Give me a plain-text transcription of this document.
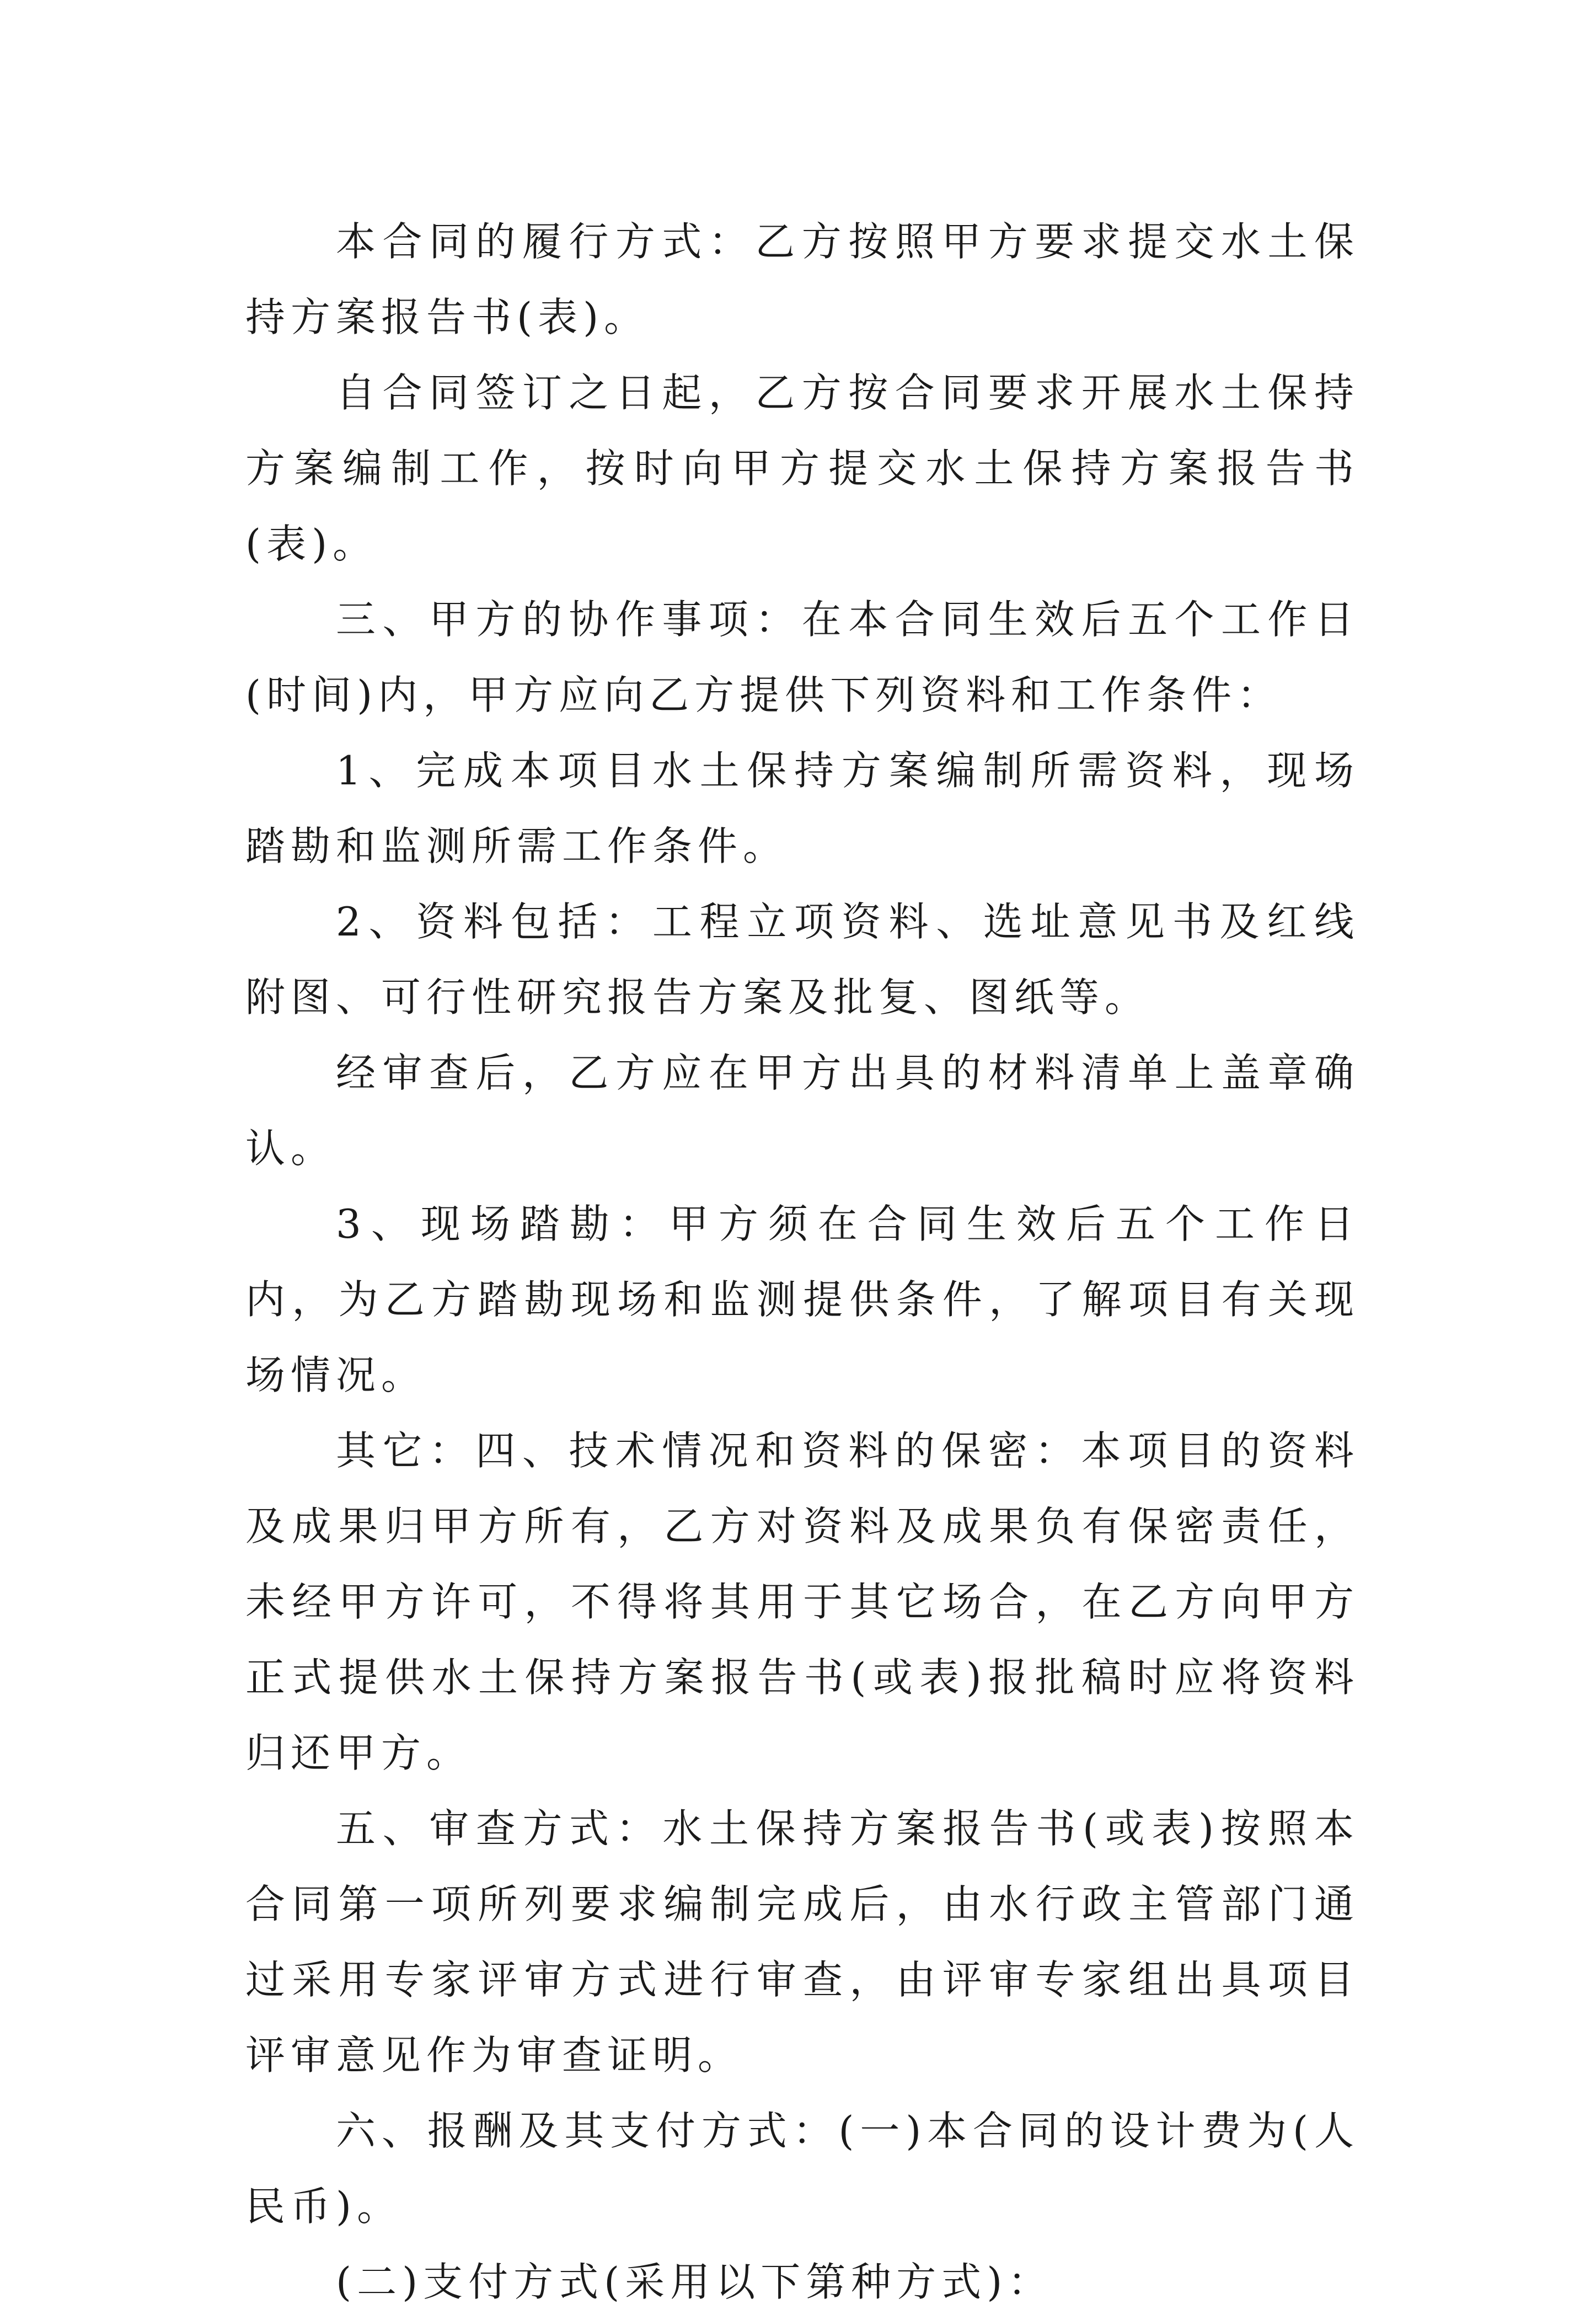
本合同的履行方式：乙方按照甲方要求提交水土保持方案报告书(表)。

自合同签订之日起，乙方按合同要求开展水土保持方案编制工作，按时向甲方提交水土保持方案报告书(表)。

三、甲方的协作事项：在本合同生效后五个工作日(时间)内，甲方应向乙方提供下列资料和工作条件：

1、完成本项目水土保持方案编制所需资料，现场踏勘和监测所需工作条件。

2、资料包括：工程立项资料、选址意见书及红线附图、可行性研究报告方案及批复、图纸等。

经审查后，乙方应在甲方出具的材料清单上盖章确认。

3、现场踏勘：甲方须在合同生效后五个工作日内，为乙方踏勘现场和监测提供条件，了解项目有关现场情况。

其它：四、技术情况和资料的保密：本项目的资料及成果归甲方所有，乙方对资料及成果负有保密责任，未经甲方许可，不得将其用于其它场合，在乙方向甲方正式提供水土保持方案报告书(或表)报批稿时应将资料归还甲方。

五、审查方式：水土保持方案报告书(或表)按照本合同第一项所列要求编制完成后，由水行政主管部门通过采用专家评审方式进行审查，由评审专家组出具项目评审意见作为审查证明。

六、报酬及其支付方式：(一)本合同的设计费为(人民币)。

(二)支付方式(采用以下第种方式)：
